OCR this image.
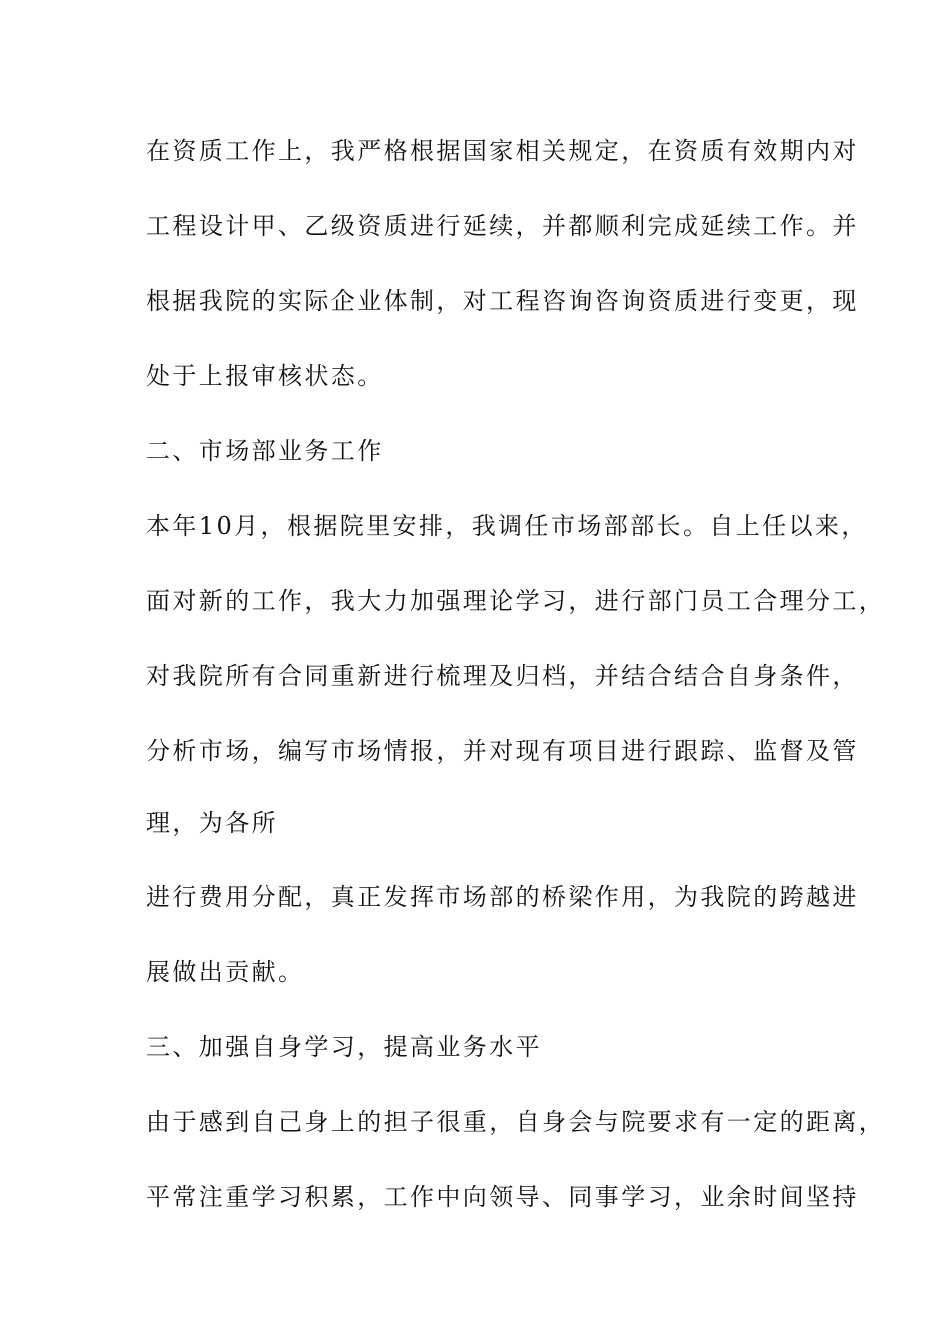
在资质工作上，我严格根据国家相关规定，在资质有效期内对
工程设计甲、乙级资质进行延续，并都顺利完成延续工作。并
根据我院的实际企业体制，对工程咨询咨询资质进行变更，现
处于上报审核状态。
二、市场部业务工作
本年10月，根据院里安排，我调任市场部部长。自上任以来，
面对新的工作，我大力加强理论学习，进行部门员工合理分工，
对我院所有合同重新进行梳理及归档，并结合结合自身条件，
分析市场，编写市场情报，并对现有项目进行跟踪、监督及管
理，为各所
进行费用分配，真正发挥市场部的桥梁作用，为我院的跨越进
展做出贡献。
三、加强自身学习，提高业务水平
由于感到自己身上的担子很重，自身会与院要求有一定的距离，
平常注重学习积累，工作中向领导、同事学习，业余时间坚持
